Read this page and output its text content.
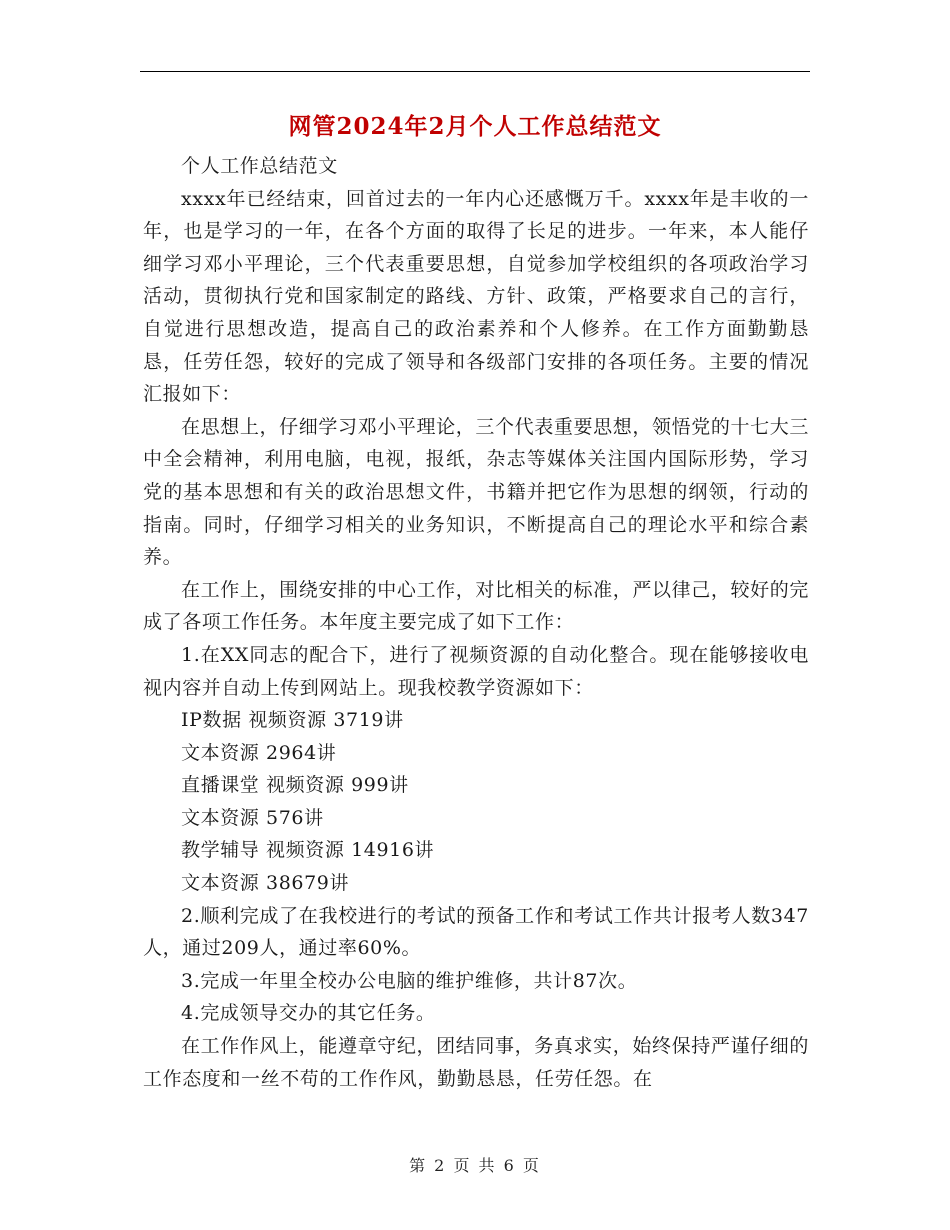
网管2024年2月个人工作总结范文

个人工作总结范文

xxxx年已经结束，回首过去的一年内心还感慨万千。xxxx年是丰收的一年，也是学习的一年，在各个方面的取得了长足的进步。一年来，本人能仔细学习邓小平理论，三个代表重要思想，自觉参加学校组织的各项政治学习活动，贯彻执行党和国家制定的路线、方针、政策，严格要求自己的言行，自觉进行思想改造，提高自己的政治素养和个人修养。在工作方面勤勤恳恳，任劳任怨，较好的完成了领导和各级部门安排的各项任务。主要的情况汇报如下：

在思想上，仔细学习邓小平理论，三个代表重要思想，领悟党的十七大三中全会精神，利用电脑，电视，报纸，杂志等媒体关注国内国际形势，学习党的基本思想和有关的政治思想文件，书籍并把它作为思想的纲领，行动的指南。同时，仔细学习相关的业务知识，不断提高自己的理论水平和综合素养。

在工作上，围绕安排的中心工作，对比相关的标准，严以律己，较好的完成了各项工作任务。本年度主要完成了如下工作：

1.在XX同志的配合下，进行了视频资源的自动化整合。现在能够接收电视内容并自动上传到网站上。现我校教学资源如下：

IP数据 视频资源 3719讲

文本资源 2964讲

直播课堂 视频资源 999讲

文本资源 576讲

教学辅导 视频资源 14916讲

文本资源 38679讲

2.顺利完成了在我校进行的考试的预备工作和考试工作共计报考人数347人，通过209人，通过率60%。

3.完成一年里全校办公电脑的维护维修，共计87次。

4.完成领导交办的其它任务。

在工作作风上，能遵章守纪，团结同事，务真求实，始终保持严谨仔细的工作态度和一丝不苟的工作作风，勤勤恳恳，任劳任怨。在

第 2 页 共 6 页
